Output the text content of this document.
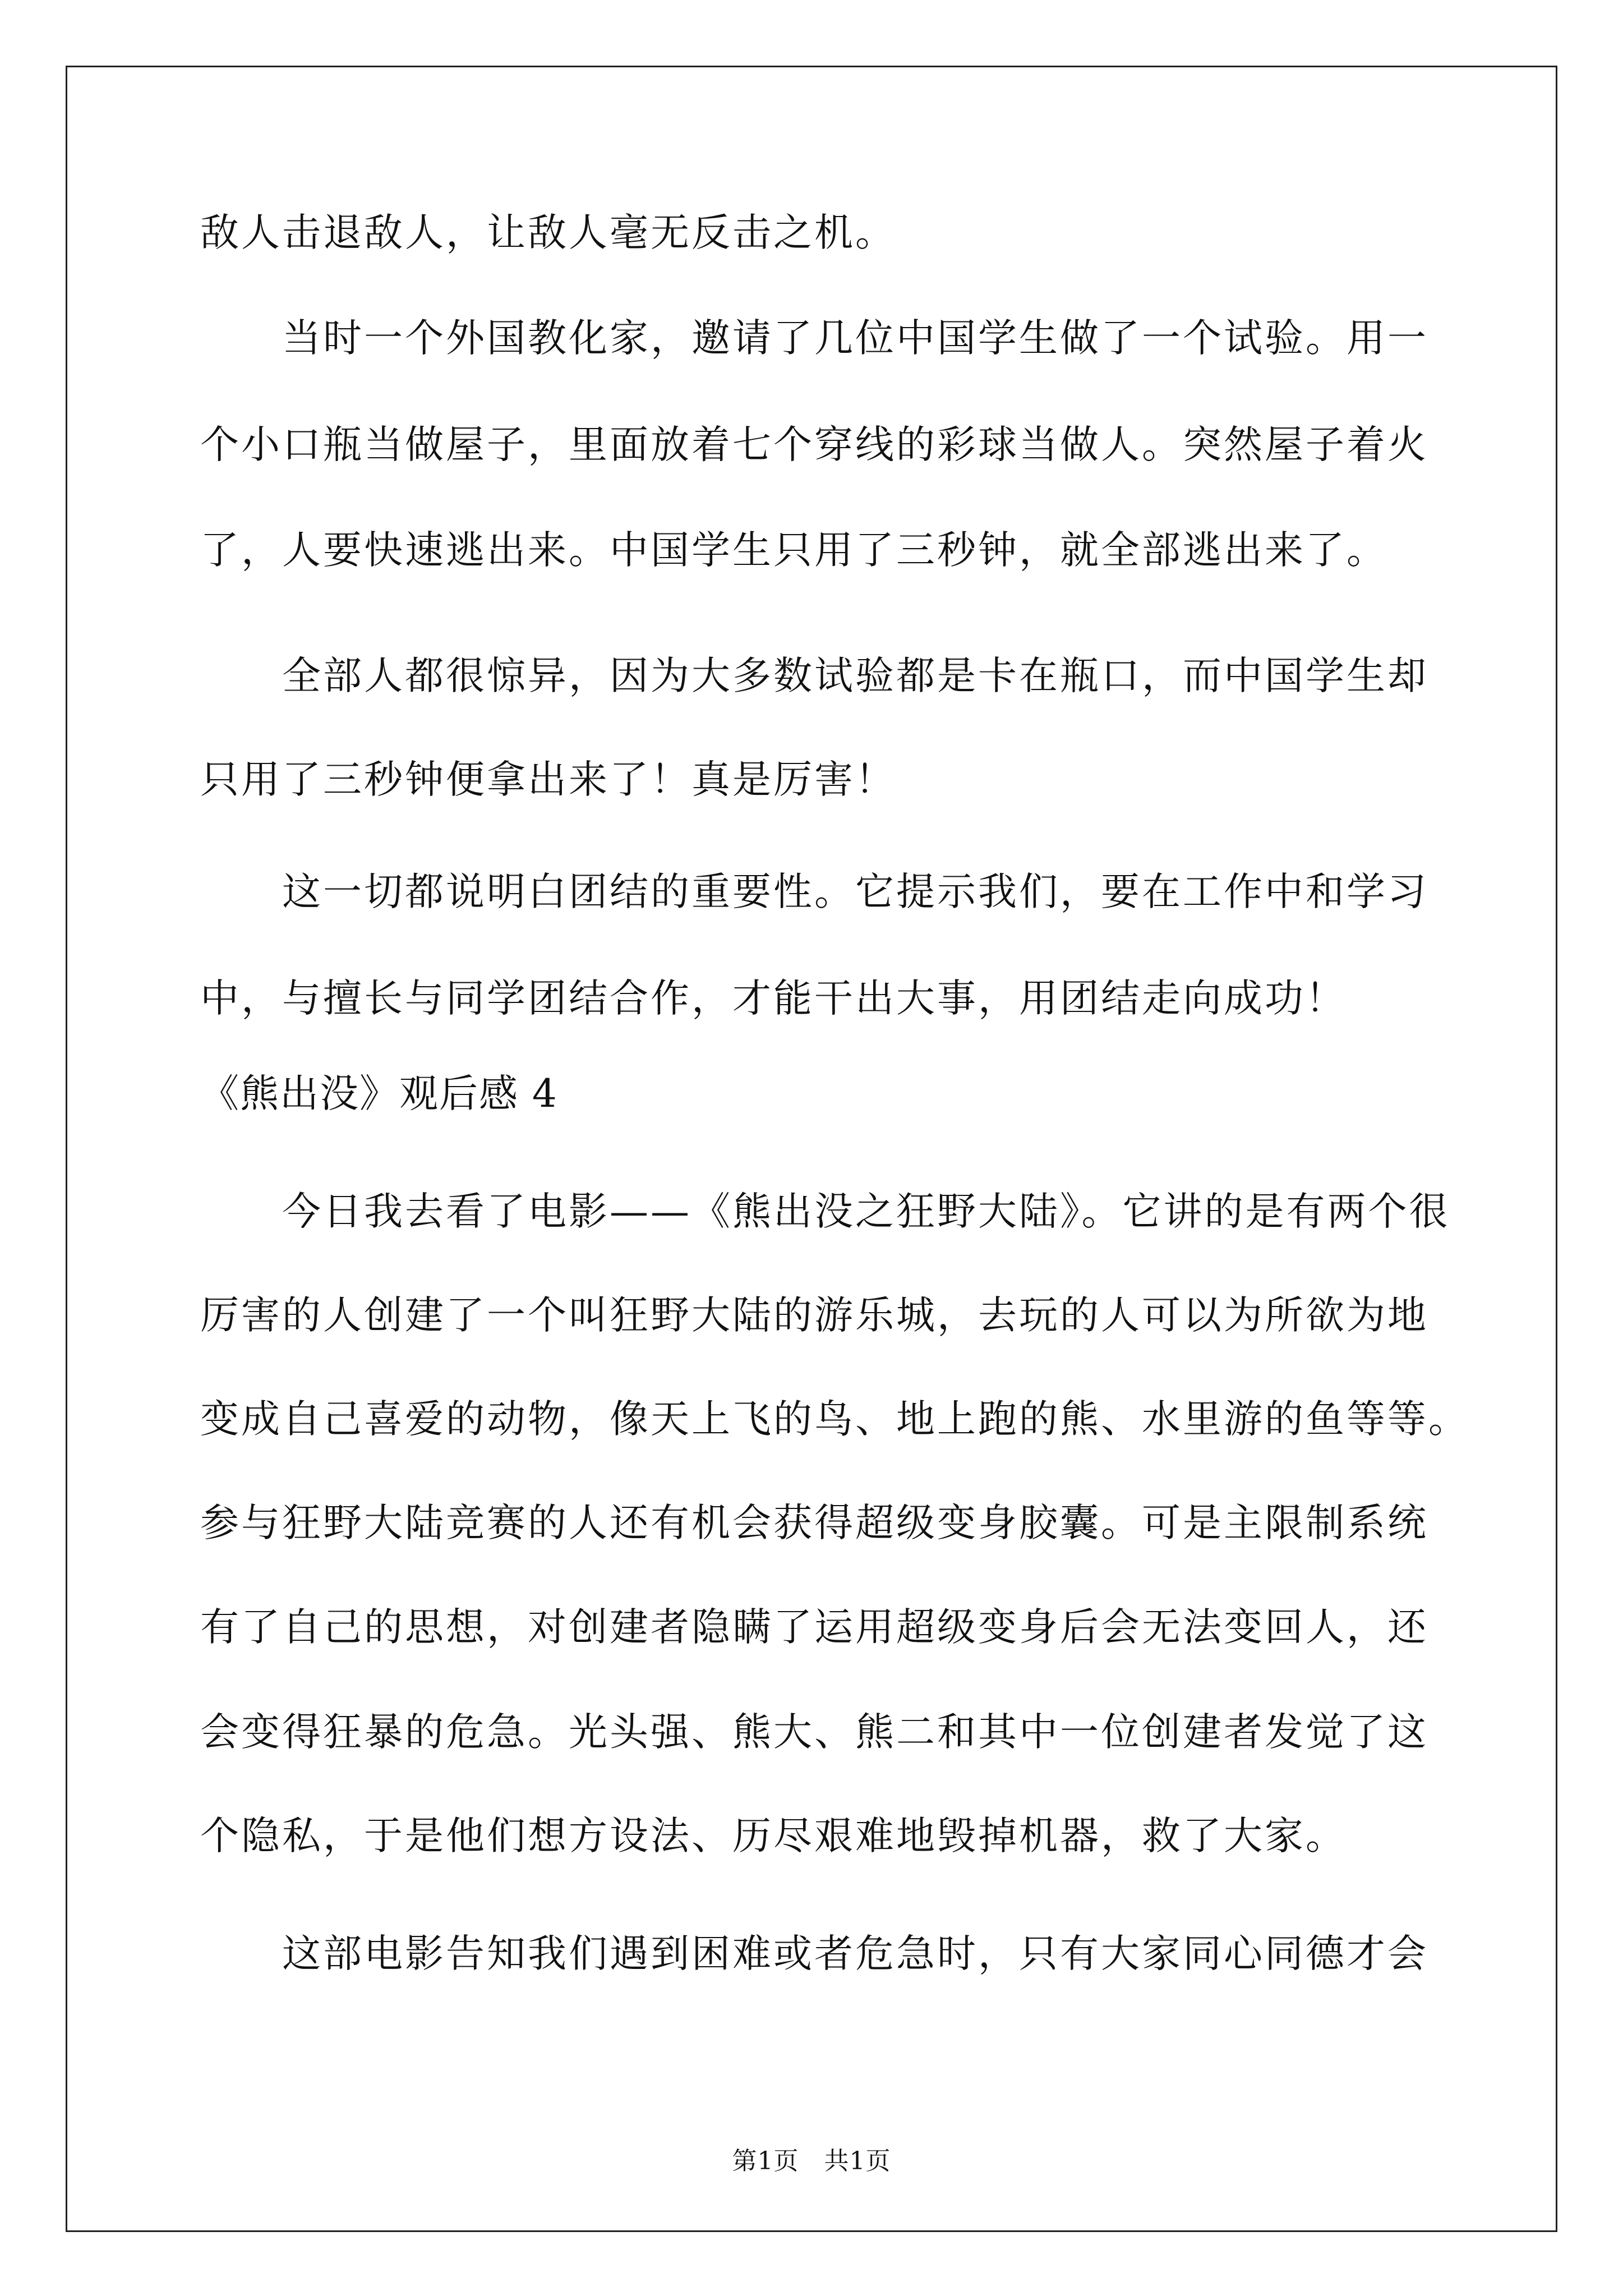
敌人击退敌人，让敌人毫无反击之机。
当时一个外国教化家，邀请了几位中国学生做了一个试验。用一
个小口瓶当做屋子，里面放着七个穿线的彩球当做人。突然屋子着火
了，人要快速逃出来。中国学生只用了三秒钟，就全部逃出来了。
全部人都很惊异，因为大多数试验都是卡在瓶口，而中国学生却
只用了三秒钟便拿出来了！真是厉害！
这一切都说明白团结的重要性。它提示我们，要在工作中和学习
中，与擅长与同学团结合作，才能干出大事，用团结走向成功！
《熊出没》观后感 4
今日我去看了电影——《熊出没之狂野大陆》。它讲的是有两个很
厉害的人创建了一个叫狂野大陆的游乐城，去玩的人可以为所欲为地
变成自己喜爱的动物，像天上飞的鸟、地上跑的熊、水里游的鱼等等。
参与狂野大陆竞赛的人还有机会获得超级变身胶囊。可是主限制系统
有了自己的思想，对创建者隐瞒了运用超级变身后会无法变回人，还
会变得狂暴的危急。光头强、熊大、熊二和其中一位创建者发觉了这
个隐私，于是他们想方设法、历尽艰难地毁掉机器，救了大家。
这部电影告知我们遇到困难或者危急时，只有大家同心同德才会
第1页　共1页
